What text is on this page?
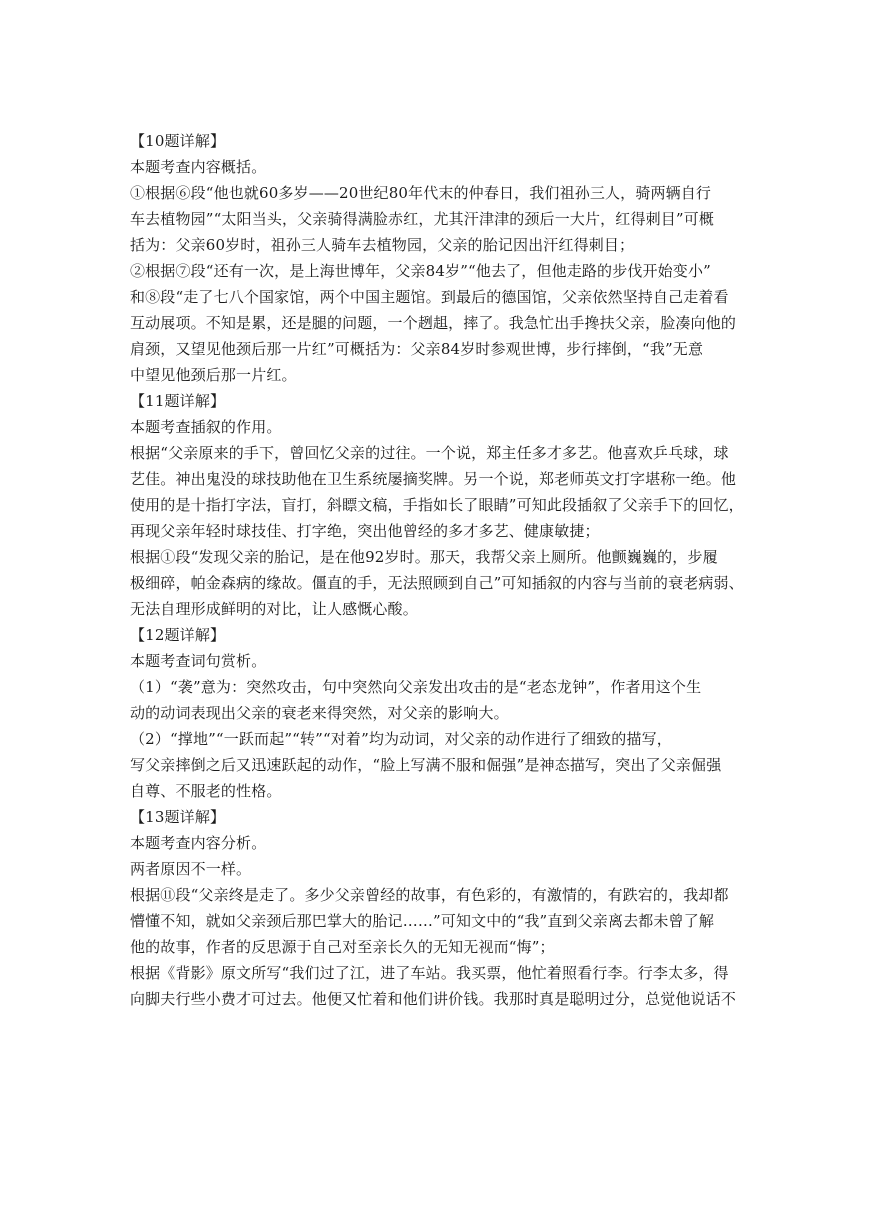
【10题详解】
本题考查内容概括。
①根据⑥段“他也就60多岁——20世纪80年代末的仲春日，我们祖孙三人，骑两辆自行
车去植物园”“太阳当头，父亲骑得满脸赤红，尤其汗津津的颈后一大片，红得刺目”可概
括为：父亲60岁时，祖孙三人骑车去植物园，父亲的胎记因出汗红得刺目；
②根据⑦段“还有一次，是上海世博年，父亲84岁”“他去了，但他走路的步伐开始变小”
和⑧段“走了七八个国家馆，两个中国主题馆。到最后的德国馆，父亲依然坚持自己走着看
互动展项。不知是累，还是腿的问题，一个趔趄，摔了。我急忙出手搀扶父亲，脸凑向他的
肩颈，又望见他颈后那一片红”可概括为：父亲84岁时参观世博，步行摔倒，“我”无意
中望见他颈后那一片红。
【11题详解】
本题考查插叙的作用。
根据“父亲原来的手下，曾回忆父亲的过往。一个说，郑主任多才多艺。他喜欢乒乓球，球
艺佳。神出鬼没的球技助他在卫生系统屡摘奖牌。另一个说，郑老师英文打字堪称一绝。他
使用的是十指打字法，盲打，斜瞟文稿，手指如长了眼睛”可知此段插叙了父亲手下的回忆，
再现父亲年轻时球技佳、打字绝，突出他曾经的多才多艺、健康敏捷；
根据①段“发现父亲的胎记，是在他92岁时。那天，我帮父亲上厕所。他颤巍巍的，步履
极细碎，帕金森病的缘故。僵直的手，无法照顾到自己”可知插叙的内容与当前的衰老病弱、
无法自理形成鲜明的对比，让人感慨心酸。
【12题详解】
本题考查词句赏析。
（1）“袭”意为：突然攻击，句中突然向父亲发出攻击的是“老态龙钟”，作者用这个生
动的动词表现出父亲的衰老来得突然，对父亲的影响大。
（2）“撑地”“一跃而起”“转”“对着”均为动词，对父亲的动作进行了细致的描写，
写父亲摔倒之后又迅速跃起的动作，“脸上写满不服和倔强”是神态描写，突出了父亲倔强
自尊、不服老的性格。
【13题详解】
本题考查内容分析。
两者原因不一样。
根据⑪段“父亲终是走了。多少父亲曾经的故事，有色彩的，有激情的，有跌宕的，我却都
懵懂不知，就如父亲颈后那巴掌大的胎记……”可知文中的“我”直到父亲离去都未曾了解
他的故事，作者的反思源于自己对至亲长久的无知无视而“悔”；
根据《背影》原文所写“我们过了江，进了车站。我买票，他忙着照看行李。行李太多，得
向脚夫行些小费才可过去。他便又忙着和他们讲价钱。我那时真是聪明过分，总觉他说话不
